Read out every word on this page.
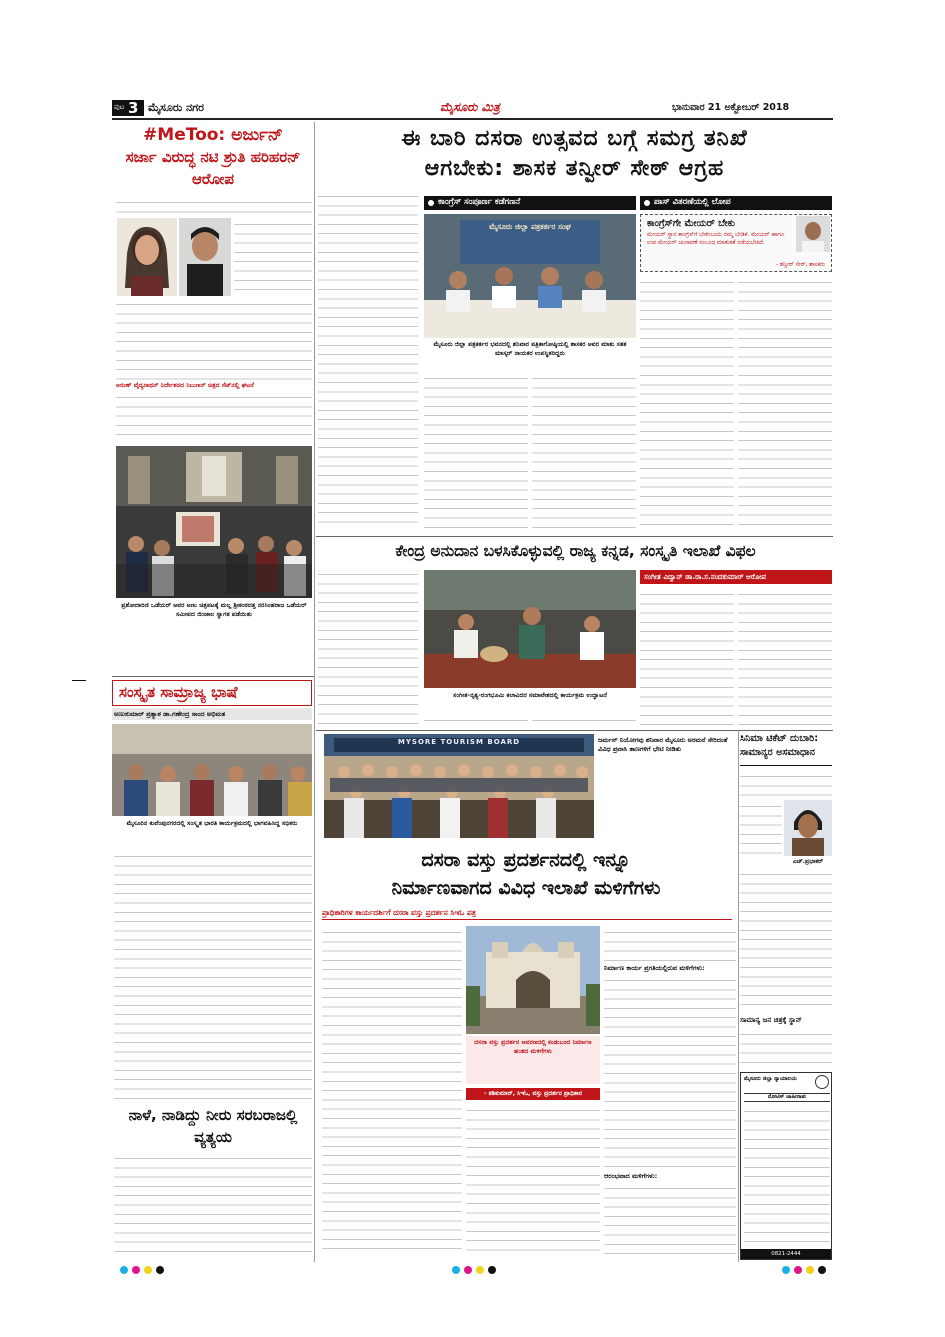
ಪುಟ 3 ಮೈಸೂರು ನಗರ	ಮೈಸೂರು ಮಿತ್ರ	ಭಾನುವಾರ 21 ಅಕ್ಟೋಬರ್ 2018
#MeToo: ಅರ್ಜುನ್
ಸರ್ಜಾ ವಿರುದ್ಧ ನಟಿ ಶ್ರುತಿ ಹರಿಹರನ್ ಆರೋಪ
ಅರುಣ್ ವೈದ್ಯನಾಥನ್ ನಿರ್ದೇಶನದ ನಿಬುಣನ್ ಚಿತ್ರದ ಸೆಟ್‌ನಲ್ಲಿ ಘಟನೆ
ಪ್ರಶೋದಾರಿಣಿ ಒಡೆಯರ್ ಅವರ ಅಣು ಚಿತ್ರಪಟಕ್ಕೆ ಮಲ್ಲ ಶ್ರೀಕಂಠದತ್ತ ನರಸಿಂಹರಾಜ ಒಡೆಯರ್ ಸಮೀಪದ ಜಿಂಜಾಲ ಸ್ವಾಗತ ಪಡೆಯಿತು
ಈ ಬಾರಿ ದಸರಾ ಉತ್ಸವದ ಬಗ್ಗೆ ಸಮಗ್ರ ತನಿಖೆ
ಆಗಬೇಕು: ಶಾಸಕ ತನ್ವೀರ್ ಸೇಠ್ ಆಗ್ರಹ
ಕಾಂಗ್ರೆಸ್ ಸಂಪೂರ್ಣ ಕಡೆಗಣನೆ	ಪಾಸ್ ವಿತರಣೆಯಲ್ಲಿ ಲೋಪ
ಮೈಸೂರು ಜಿಲ್ಲಾ ಪತ್ರಕರ್ತರ ಸಂಘ
ಮೈಸೂರು ಜಿಲ್ಲಾ ಪತ್ರಕರ್ತರ ಭವನದಲ್ಲಿ ಶನಿವಾರ ಪತ್ರಿಕಾಗೋಷ್ಠಿಯಲ್ಲಿ ಶಾಸಕರ ಅವರ ಮಾತು ಸತತ ಮಾಸ್ಕರ್ ನಾಯಕರ ಉಪಸ್ಥಿತರಿದ್ದರು
ಕಾಂಗ್ರೆಸ್‌ಗೇ ಮೇಯರ್ ಬೇಕು
ಮೇಯರ್ ಸ್ಥಾನ ಕಾಂಗ್ರೆಸ್‌ಗೆ ಬೇಕೆಂಬುದು ನಮ್ಮ ಬೇಡಿಕೆ. ಮೇಯರ್ ಹಾಗೂ ಉಪ ಮೇಯರ್ ಚುನಾವಣೆ ಸಂಬಂಧ ಮಾತುಕತೆ ನಡೆಯಬೇಕಿದೆ.
- ತನ್ವೀರ್ ಸೇಠ್, ಶಾಸಕರು
ಕೇಂದ್ರ ಅನುದಾನ ಬಳಸಿಕೊಳ್ಳುವಲ್ಲಿ ರಾಜ್ಯ ಕನ್ನಡ, ಸಂಸ್ಕೃತಿ ಇಲಾಖೆ ವಿಫಲ
ಸಂಗೀತ-ನೃತ್ಯ-ರಂಗಭೂಮಿ ಕಲಾವಿದರ ಸಮಾವೇಶದಲ್ಲಿ ಕಾರ್ಯಕ್ರಮ ಉದ್ಘಾಟನೆ
ಸಂಗೀತ ವಿದ್ವಾನ್ ಡಾ.ರಾ.ಸ.ನಂದಕುಮಾರ್ ಆರೋಪ
ಸಂಸ್ಕೃತ ಸಾಮ್ರಾಜ್ಯ ಭಾಷೆ
ಅಣುಕುಮಾರ್ ಪ್ರತ್ಯಾಶ ಡಾ.ಗಣೇಂದ್ರ ಸಾಂದ ಅಭಿಮತ
ಮೈಸೂರಿನ ಕುವೆಂಪುನಗರದಲ್ಲಿ ಸಂಸ್ಕೃತ ಭಾರತಿ ಕಾರ್ಯಕ್ರಮದಲ್ಲಿ ಭಾಗವಹಿಸಿದ್ದ ಸಭಿಕರು
ನಾಳೆ, ನಾಡಿದ್ದು ನೀರು ಸರಬರಾಜಲ್ಲಿ ವ್ಯತ್ಯಯ
MYSORE TOURISM BOARD	ಜರ್ಮನ್ ನಿಯೋಗವು ಶನಿವಾರ ಮೈಸೂರು ಅರಮನೆ ಸೇರಿದಂತೆ ವಿವಿಧ ಪ್ರವಾಸಿ ತಾಣಗಳಿಗೆ ಭೇಟಿ ನೀಡಿತು
ಸಿನಿಮಾ ಟಿಕೆಟ್ ದುಬಾರಿ:
ಸಾಮಾನ್ಯರ ಅಸಮಾಧಾನ
ಎಚ್.ಪ್ರಭಾಕರ್
ಸಾಮಾನ್ಯ ಜನ ಚಿತ್ರಕ್ಕೆ ಸ್ಥಾನ್
ದಸರಾ ವಸ್ತು ಪ್ರದರ್ಶನದಲ್ಲಿ ಇನ್ನೂ
ನಿರ್ಮಾಣವಾಗದ ವಿವಿಧ ಇಲಾಖೆ ಮಳಿಗೆಗಳು
ಪ್ರಾಧಿಕಾರಿಗಳ ಕಾರ್ಯದರ್ಶಿಗೆ ದಸರಾ ವಸ್ತು ಪ್ರದರ್ಶನ ಸಿಇಓ ಪತ್ರ
ದಸರಾ ವಸ್ತು ಪ್ರದರ್ಶನ ಆವರಣದಲ್ಲಿ ಕಂಡುಬಂದ ನಿರ್ಮಾಣ ಹಂತದ ಮಳಿಗೆಗಳು
- ಶಶಿಕುಮಾರ್, ಸಿಇಓ, ವಸ್ತು ಪ್ರದರ್ಶನ ಪ್ರಾಧಿಕಾರ
ನಿರ್ಮಾಣ ಕಾರ್ಯ ಪ್ರಗತಿಯಲ್ಲಿರುವ ಮಳಿಗೆಗಳು:
ಆರಂಭವಾದ ಮಳಿಗೆಗಳು:
ಮೈಸೂರು ಜಿಲ್ಲಾ ನ್ಯಾಯಾಲಯ
ನೋಟಿಸ್ ಜಾಹೀರಾತು
0821-2444
